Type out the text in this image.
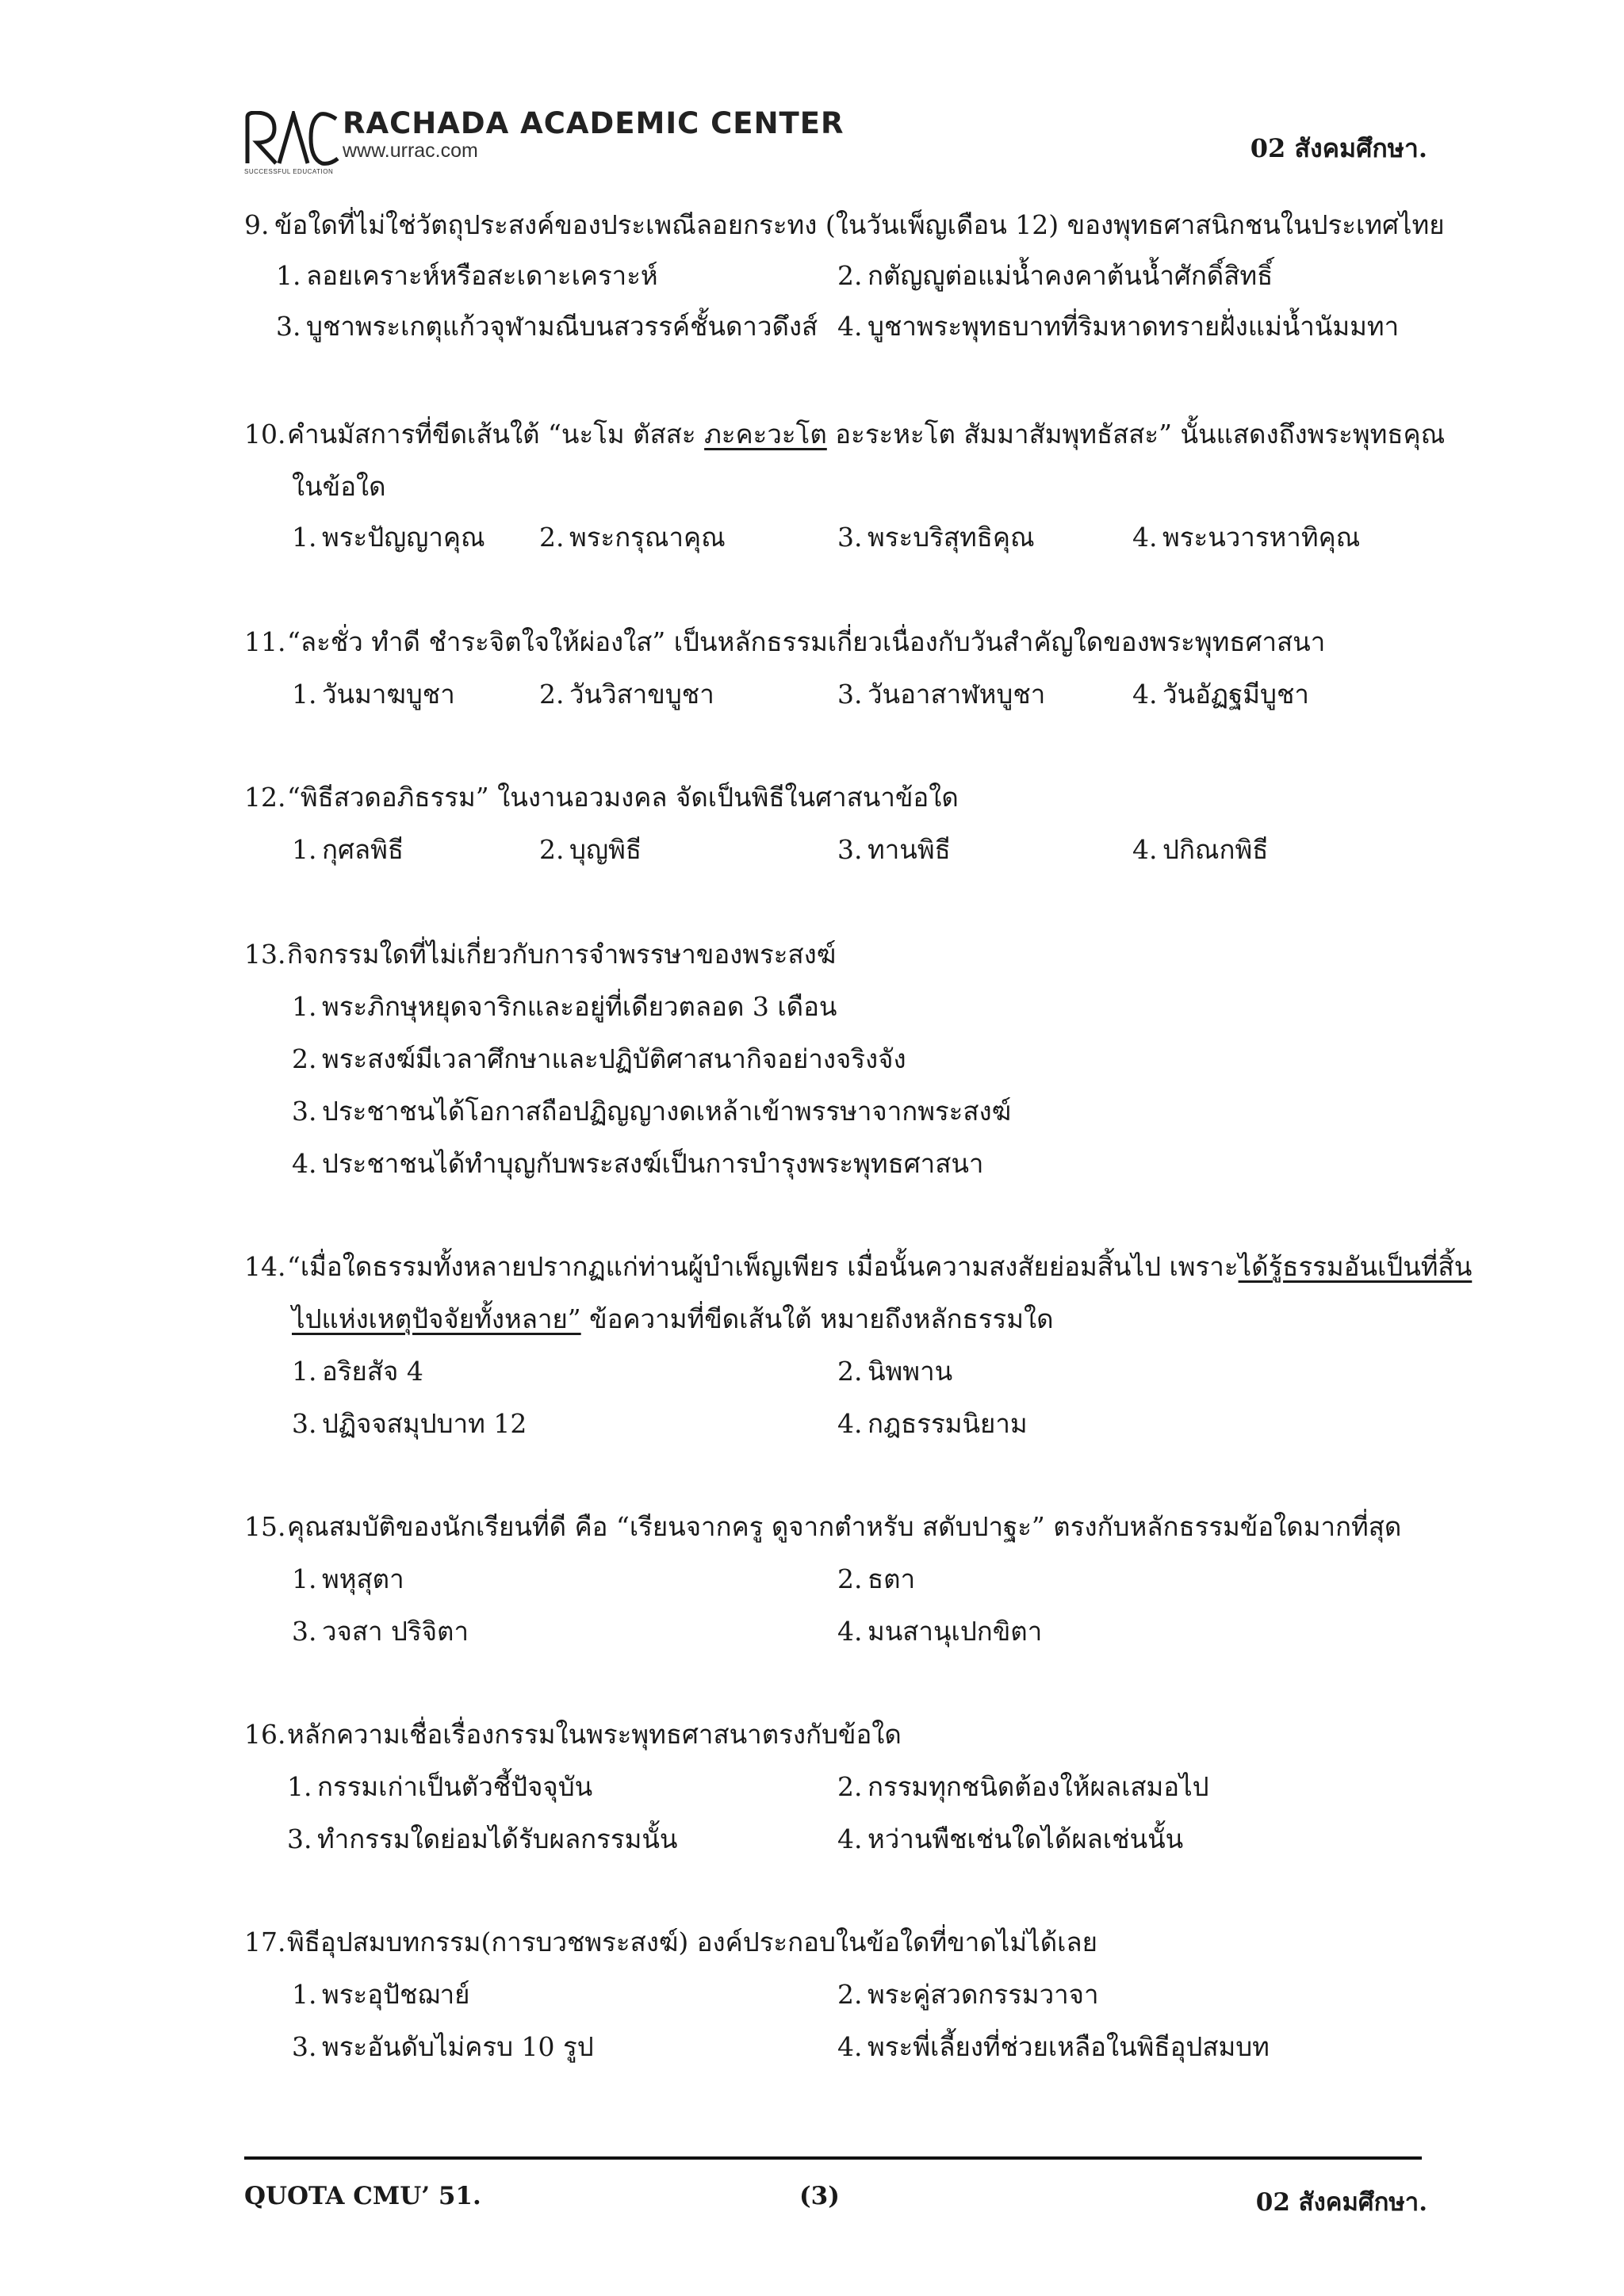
RACHADA ACADEMIC CENTER
www.urrac.com
SUCCESSFUL EDUCATION
02 สังคมศึกษา.
9. ข้อใดที่ไม่ใช่วัตถุประสงค์ของประเพณีลอยกระทง (ในวันเพ็ญเดือน 12) ของพุทธศาสนิกชนในประเทศไทย
1. ลอยเคราะห์หรือสะเดาะเคราะห์	2. กตัญญูต่อแม่น้ำคงคาต้นน้ำศักดิ์สิทธิ์
3. บูชาพระเกตุแก้วจุฬามณีบนสวรรค์ชั้นดาวดึงส์ 4. บูชาพระพุทธบาทที่ริมหาดทรายฝั่งแม่น้ำนัมมทา
10. คำนมัสการที่ขีดเส้นใต้ “นะโม ตัสสะ ภะคะวะโต อะระหะโต สัมมาสัมพุทธัสสะ” นั้นแสดงถึงพระพุทธคุณ
ในข้อใด
1. พระปัญญาคุณ 2. พระกรุณาคุณ	3. พระบริสุทธิคุณ	4. พระนวารหาทิคุณ
11. “ละชั่ว ทำดี ชำระจิตใจให้ผ่องใส” เป็นหลักธรรมเกี่ยวเนื่องกับวันสำคัญใดของพระพุทธศาสนา
1. วันมาฆบูชา	2. วันวิสาขบูชา	3. วันอาสาฬหบูชา	4. วันอัฏฐมีบูชา
12. “พิธีสวดอภิธรรม” ในงานอวมงคล จัดเป็นพิธีในศาสนาข้อใด
1. กุศลพิธี	2. บุญพิธี	3. ทานพิธี	4. ปกิณกพิธี
13. กิจกรรมใดที่ไม่เกี่ยวกับการจำพรรษาของพระสงฆ์
1. พระภิกษุหยุดจาริกและอยู่ที่เดียวตลอด 3 เดือน
2. พระสงฆ์มีเวลาศึกษาและปฏิบัติศาสนากิจอย่างจริงจัง
3. ประชาชนได้โอกาสถือปฏิญญางดเหล้าเข้าพรรษาจากพระสงฆ์
4. ประชาชนได้ทำบุญกับพระสงฆ์เป็นการบำรุงพระพุทธศาสนา
14. “เมื่อใดธรรมทั้งหลายปรากฏแก่ท่านผู้บำเพ็ญเพียร เมื่อนั้นความสงสัยย่อมสิ้นไป เพราะได้รู้ธรรมอันเป็นที่สิ้น
ไปแห่งเหตุปัจจัยทั้งหลาย” ข้อความที่ขีดเส้นใต้ หมายถึงหลักธรรมใด
1. อริยสัจ 4	2. นิพพาน
3. ปฏิจจสมุปบาท 12	4. กฎธรรมนิยาม
15. คุณสมบัติของนักเรียนที่ดี คือ “เรียนจากครู ดูจากตำหรับ สดับปาฐะ” ตรงกับหลักธรรมข้อใดมากที่สุด
1. พหุสุตา	2. ธตา
3. วจสา ปริจิตา	4. มนสานุเปกขิตา
16. หลักความเชื่อเรื่องกรรมในพระพุทธศาสนาตรงกับข้อใด
1. กรรมเก่าเป็นตัวชี้ปัจจุบัน	2. กรรมทุกชนิดต้องให้ผลเสมอไป
3. ทำกรรมใดย่อมได้รับผลกรรมนั้น	4. หว่านพืชเช่นใดได้ผลเช่นนั้น
17. พิธีอุปสมบทกรรม(การบวชพระสงฆ์) องค์ประกอบในข้อใดที่ขาดไม่ได้เลย
1. พระอุปัชฌาย์	2. พระคู่สวดกรรมวาจา
3. พระอันดับไม่ครบ 10 รูป	4. พระพี่เลี้ยงที่ช่วยเหลือในพิธีอุปสมบท
QUOTA CMU’ 51.	(3)	02 สังคมศึกษา.
